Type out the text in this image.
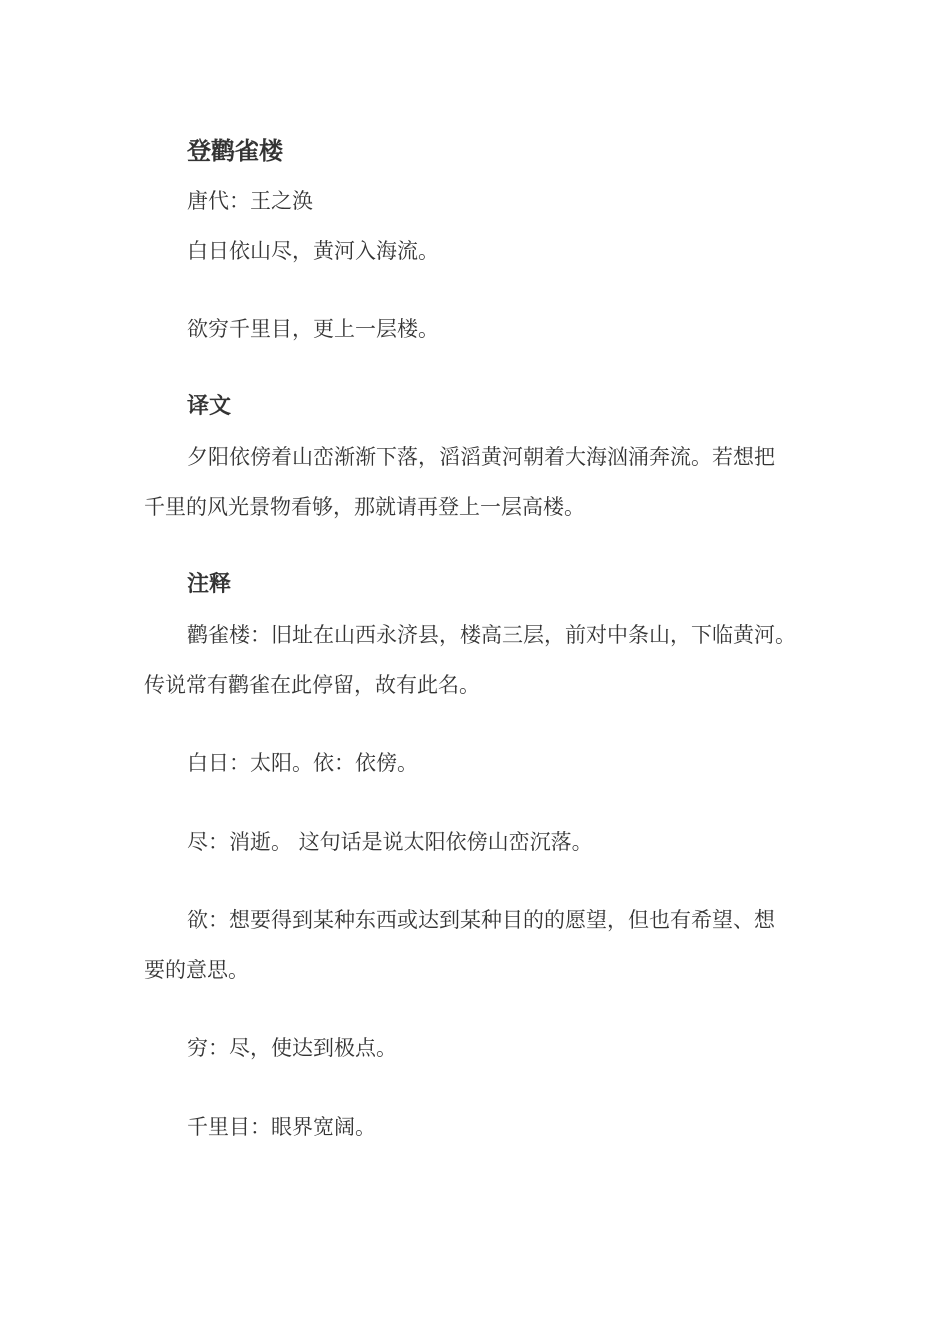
登鹳雀楼

唐代：王之涣

白日依山尽，黄河入海流。

欲穷千里目，更上一层楼。

译文

夕阳依傍着山峦渐渐下落，滔滔黄河朝着大海汹涌奔流。若想把

千里的风光景物看够，那就请再登上一层高楼。

注释

鹳雀楼：旧址在山西永济县，楼高三层，前对中条山，下临黄河。

传说常有鹳雀在此停留，故有此名。

白日：太阳。依：依傍。

尽：消逝。 这句话是说太阳依傍山峦沉落。

欲：想要得到某种东西或达到某种目的的愿望，但也有希望、想

要的意思。

穷：尽，使达到极点。

千里目：眼界宽阔。
